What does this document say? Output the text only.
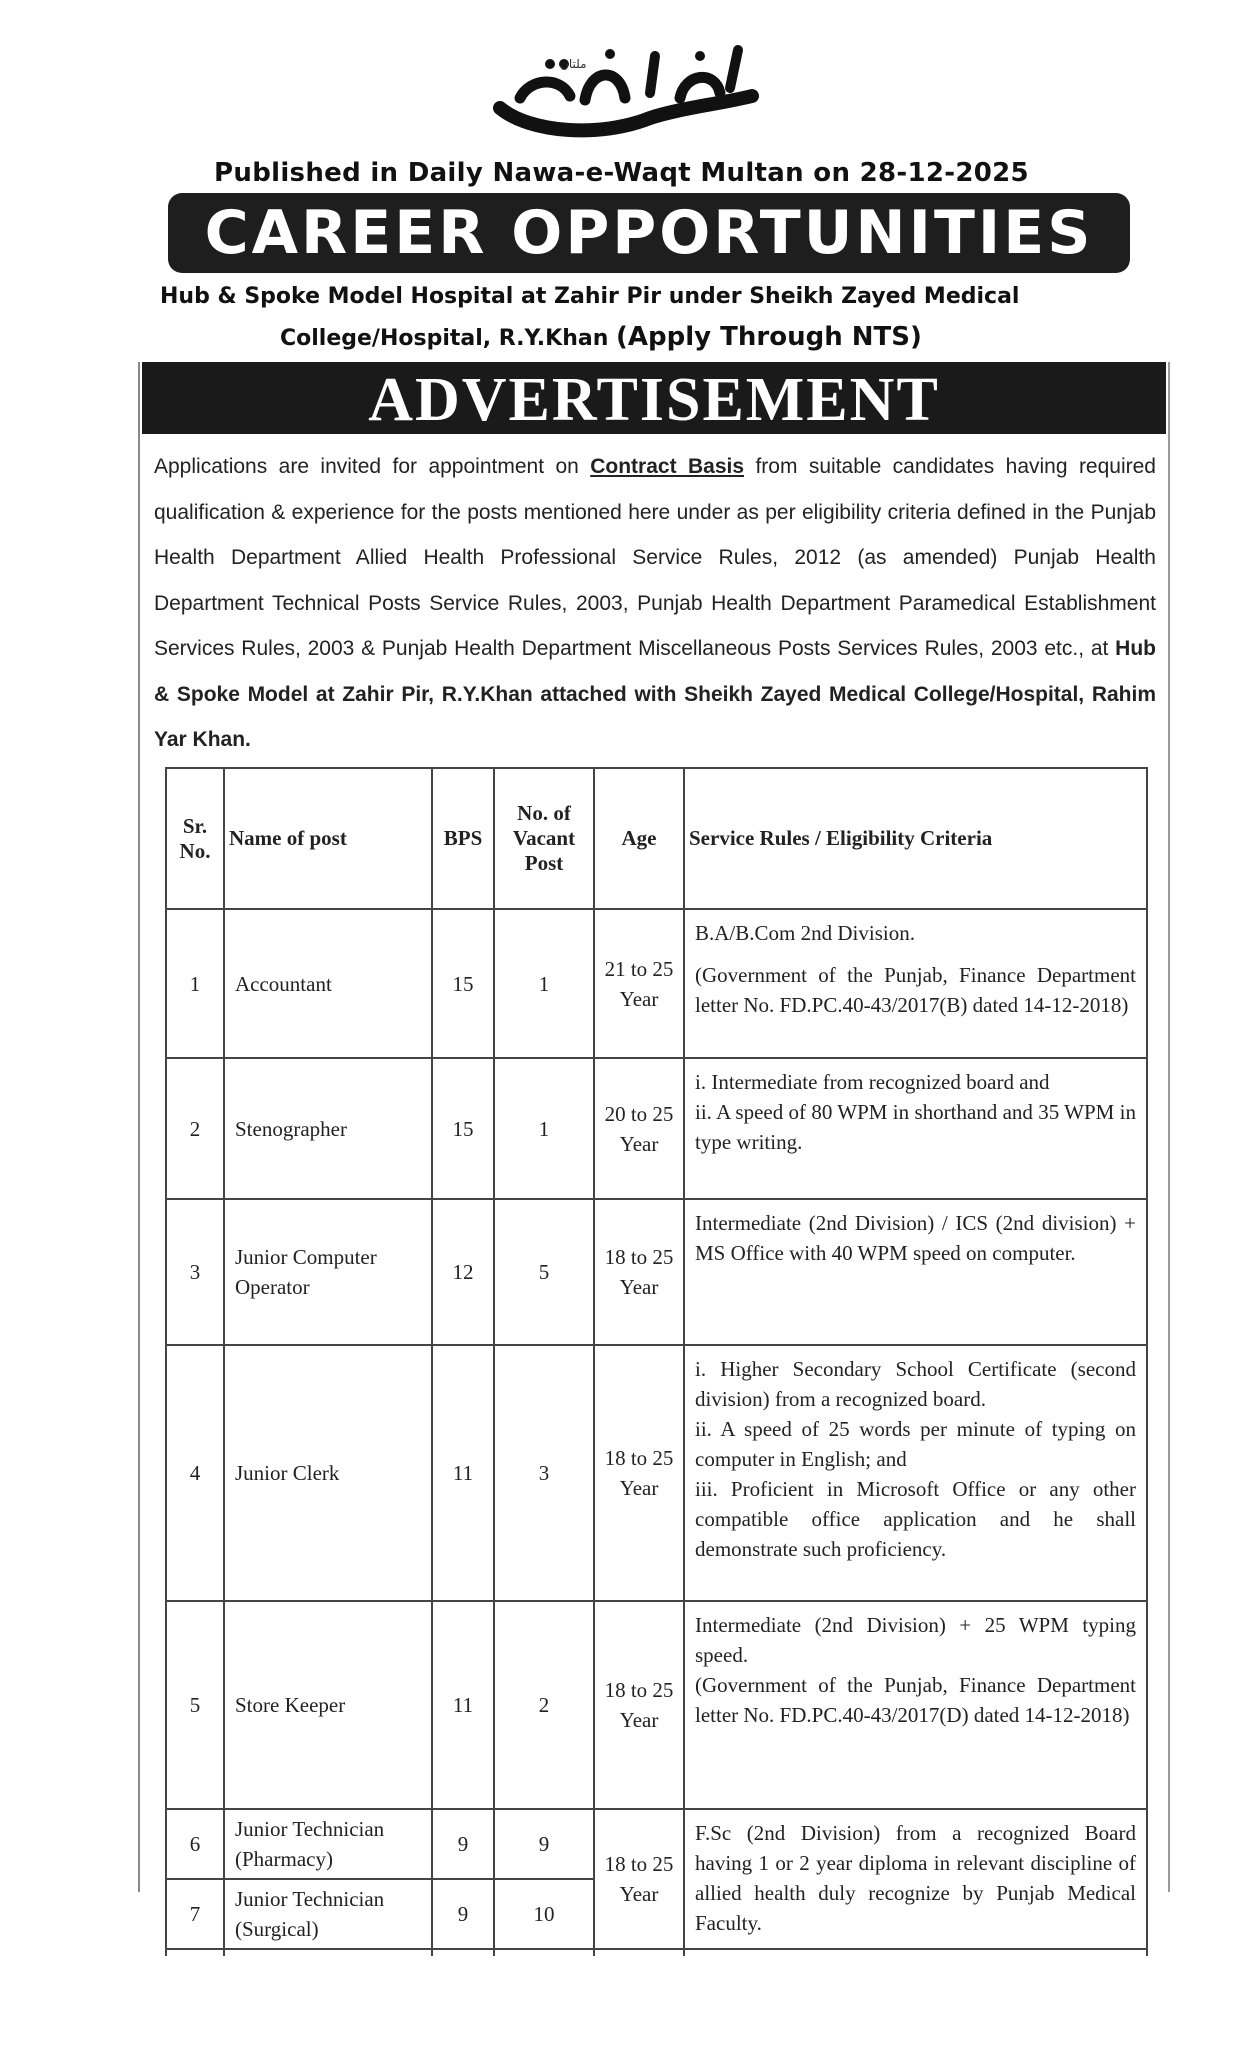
ملتان
Published in Daily Nawa-e-Waqt Multan on 28-12-2025
CAREER OPPORTUNITIES
Hub & Spoke Model Hospital at Zahir Pir under Sheikh Zayed Medical
College/Hospital, R.Y.Khan (Apply Through NTS)
ADVERTISEMENT
Applications are invited for appointment on Contract Basis from suitable candidates having required qualification & experience for the posts mentioned here under as per eligibility criteria defined in the Punjab Health Department Allied Health Professional Service Rules, 2012 (as amended) Punjab Health Department Technical Posts Service Rules, 2003, Punjab Health Department Paramedical Establishment Services Rules, 2003 & Punjab Health Department Miscellaneous Posts Services Rules, 2003 etc., at Hub & Spoke Model at Zahir Pir, R.Y.Khan attached with Sheikh Zayed Medical College/Hospital, Rahim Yar Khan.
Sr. No.	Name of post	BPS	No. of Vacant Post	Age	Service Rules / Eligibility Criteria
1	Accountant	15	1	21 to 25 Year	B.A/B.Com 2nd Division.
(Government of the Punjab, Finance Department letter No. FD.PC.40-43/2017(B) dated 14-12-2018)

2	Stenographer	15	1	20 to 25 Year	i. Intermediate from recognized board and
ii. A speed of 80 WPM in shorthand and 35 WPM in type writing.

3	Junior Computer Operator	12	5	18 to 25 Year	Intermediate (2nd Division) / ICS (2nd division) + MS Office with 40 WPM speed on computer.

4	Junior Clerk	11	3	18 to 25 Year	i. Higher Secondary School Certificate (second division) from a recognized board.
ii. A speed of 25 words per minute of typing on computer in English; and
iii. Proficient in Microsoft Office or any other compatible office application and he shall demonstrate such proficiency.

5	Store Keeper	11	2	18 to 25 Year	Intermediate (2nd Division) + 25 WPM typing speed.
(Government of the Punjab, Finance Department letter No. FD.PC.40-43/2017(D) dated 14-12-2018)

6	Junior Technician (Pharmacy)	9	9	18 to 25 Year	F.Sc (2nd Division) from a recognized Board having 1 or 2 year diploma in relevant discipline of allied health duly recognize by Punjab Medical Faculty.

7	Junior Technician (Surgical)	9	10		
